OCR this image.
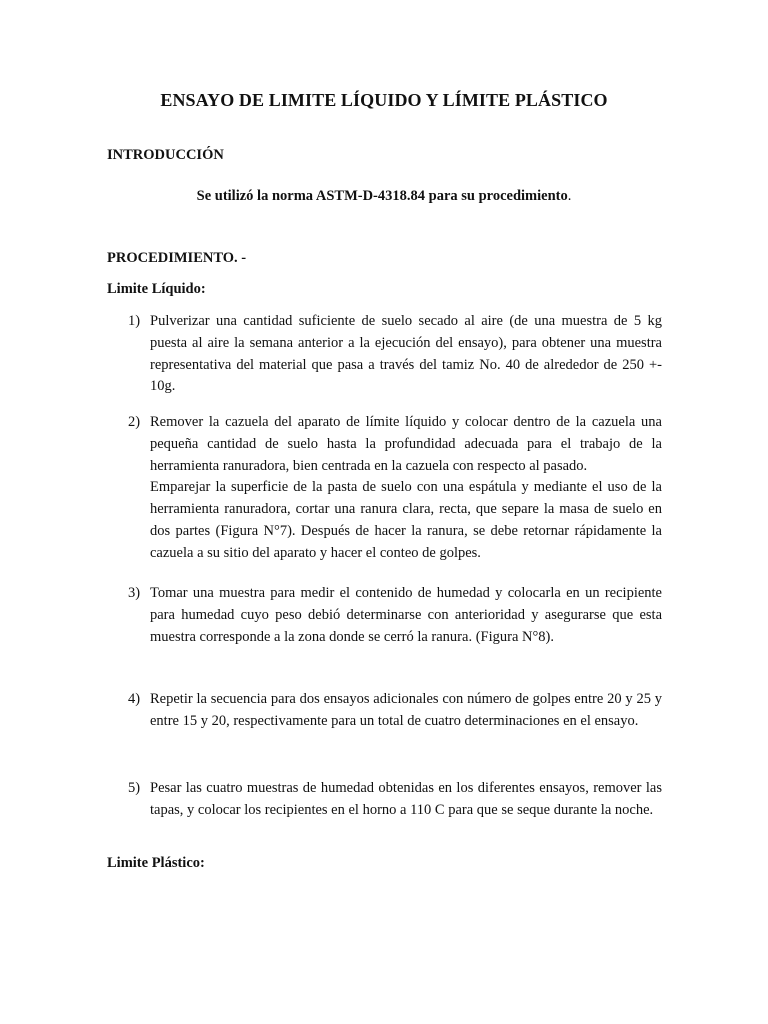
ENSAYO DE LIMITE LÍQUIDO Y LÍMITE PLÁSTICO
INTRODUCCIÓN
Se utilizó la norma ASTM-D-4318.84 para su procedimiento.
PROCEDIMIENTO. -
Limite Líquido:
1) Pulverizar una cantidad suficiente de suelo secado al aire (de una muestra de 5 kg puesta al aire la semana anterior a la ejecución del ensayo), para obtener una muestra representativa del material que pasa a través del tamiz No. 40 de alrededor de 250 +- 10g.

2) Remover la cazuela del aparato de límite líquido y colocar dentro de la cazuela una pequeña cantidad de suelo hasta la profundidad adecuada para el trabajo de la herramienta ranuradora, bien centrada en la cazuela con respecto al pasado.

Emparejar la superficie de la pasta de suelo con una espátula y mediante el uso de la herramienta ranuradora, cortar una ranura clara, recta, que separe la masa de suelo en dos partes (Figura N°7). Después de hacer la ranura, se debe retornar rápidamente la cazuela a su sitio del aparato y hacer el conteo de golpes.

3) Tomar una muestra para medir el contenido de humedad y colocarla en un recipiente para humedad cuyo peso debió determinarse con anterioridad y asegurarse que esta muestra corresponde a la zona donde se cerró la ranura. (Figura N°8).

4) Repetir la secuencia para dos ensayos adicionales con número de golpes entre 20 y 25 y entre 15 y 20, respectivamente para un total de cuatro determinaciones en el ensayo.

5) Pesar las cuatro muestras de humedad obtenidas en los diferentes ensayos, remover las tapas, y colocar los recipientes en el horno a 110 C para que se seque durante la noche.

Limite Plástico:
